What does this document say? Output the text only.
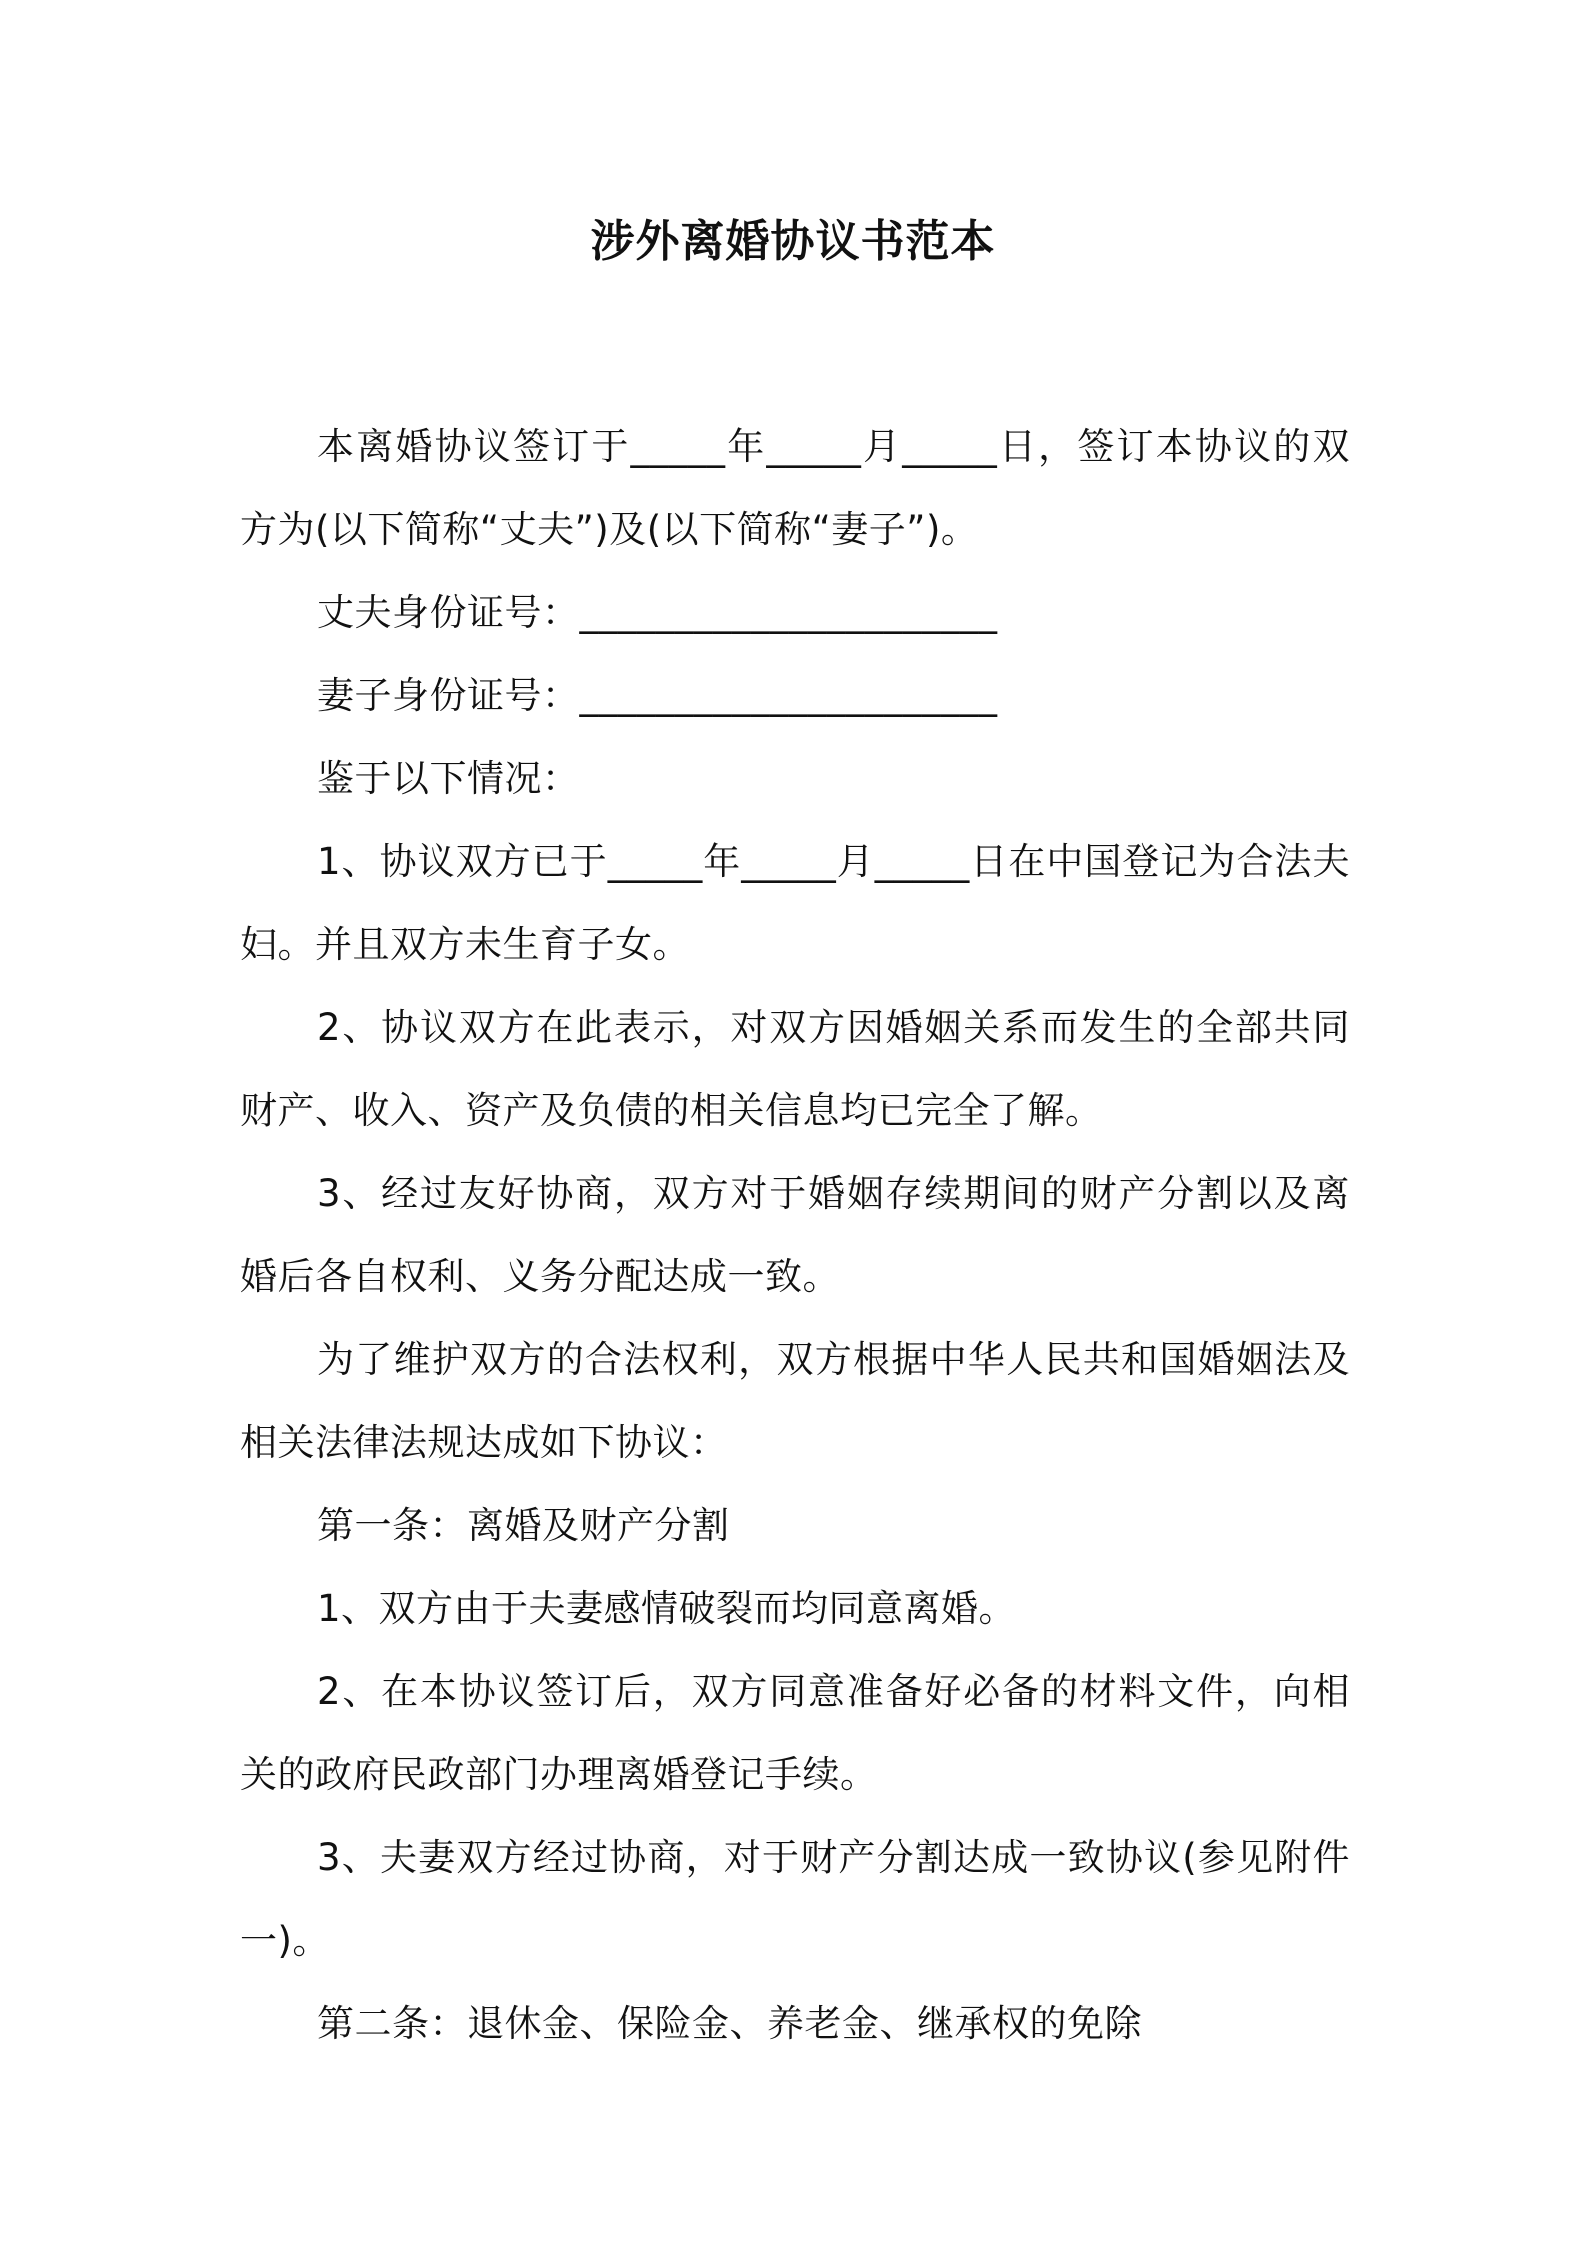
涉外离婚协议书范本

本离婚协议签订于_____年_____月_____日，签订本协议的双方为(以下简称“丈夫”)及(以下简称“妻子”)。

丈夫身份证号：______________________

妻子身份证号：______________________

鉴于以下情况：

1、协议双方已于_____年_____月_____日在中国登记为合法夫妇。并且双方未生育子女。

2、协议双方在此表示，对双方因婚姻关系而发生的全部共同财产、收入、资产及负债的相关信息均已完全了解。

3、经过友好协商，双方对于婚姻存续期间的财产分割以及离婚后各自权利、义务分配达成一致。

为了维护双方的合法权利，双方根据中华人民共和国婚姻法及相关法律法规达成如下协议：

第一条：离婚及财产分割

1、双方由于夫妻感情破裂而均同意离婚。

2、在本协议签订后，双方同意准备好必备的材料文件，向相关的政府民政部门办理离婚登记手续。

3、夫妻双方经过协商，对于财产分割达成一致协议(参见附件一)。

第二条：退休金、保险金、养老金、继承权的免除
